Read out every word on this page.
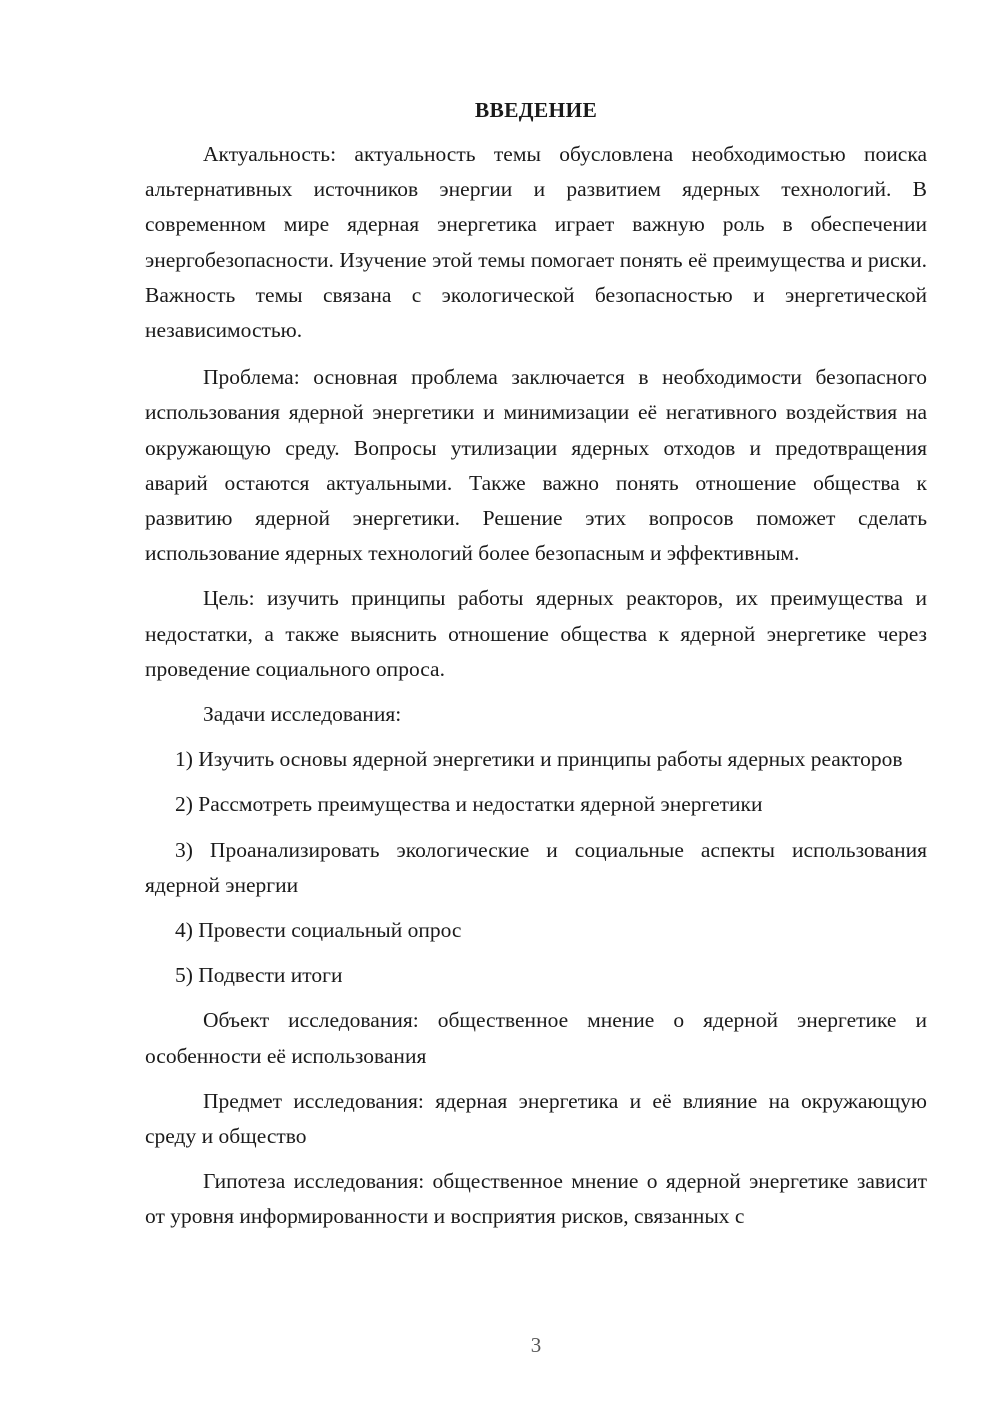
ВВЕДЕНИЕ

Актуальность: актуальность темы обусловлена необходимостью поиска альтернативных источников энергии и развитием ядерных технологий. В современном мире ядерная энергетика играет важную роль в обеспечении энергобезопасности. Изучение этой темы помогает понять её преимущества и риски. Важность темы связана с экологической безопасностью и энергетической независимостью.

Проблема: основная проблема заключается в необходимости безопасного использования ядерной энергетики и минимизации её негативного воздействия на окружающую среду. Вопросы утилизации ядерных отходов и предотвращения аварий остаются актуальными. Также важно понять отношение общества к развитию ядерной энергетики. Решение этих вопросов поможет сделать использование ядерных технологий более безопасным и эффективным.

Цель: изучить принципы работы ядерных реакторов, их преимущества и недостатки, а также выяснить отношение общества к ядерной энергетике через проведение социального опроса.

Задачи исследования:

1) Изучить основы ядерной энергетики и принципы работы ядерных реакторов

2) Рассмотреть преимущества и недостатки ядерной энергетики

3) Проанализировать экологические и социальные аспекты использования ядерной энергии

4) Провести социальный опрос

5) Подвести итоги

Объект исследования: общественное мнение о ядерной энергетике и особенности её использования

Предмет исследования: ядерная энергетика и её влияние на окружающую среду и общество

Гипотеза исследования: общественное мнение о ядерной энергетике зависит от уровня информированности и восприятия рисков, связанных с

3
